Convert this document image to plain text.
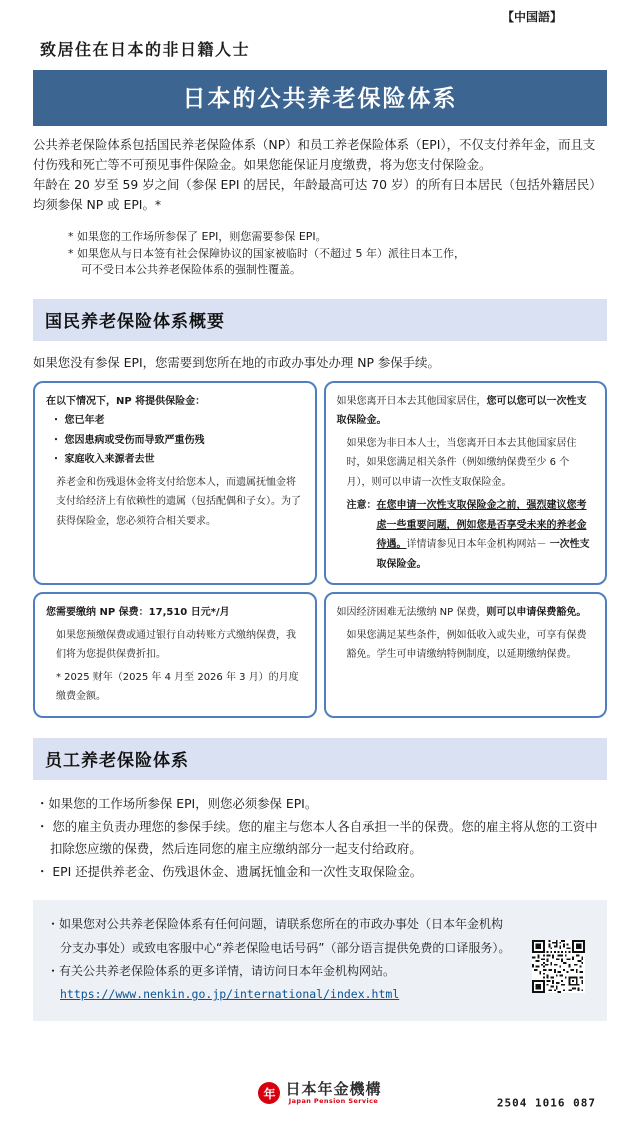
【中国語】
致居住在日本的非日籍人士
日本的公共养老保险体系
公共养老保险体系包括国民养老保险体系（NP）和员工养老保险体系（EPI），不仅支付养年金，而且支付伤残和死亡等不可预见事件保险金。如果您能保证月度缴费，将为您支付保险金。
年龄在 20 岁至 59 岁之间（参保 EPI 的居民，年龄最高可达 70 岁）的所有日本居民（包括外籍居民）均须参保 NP 或 EPI。*
* 如果您的工作场所参保了 EPI，则您需要参保 EPI。
* 如果您从与日本签有社会保障协议的国家被临时（不超过 5 年）派往日本工作，
可不受日本公共养老保险体系的强制性覆盖。
国民养老保险体系概要
如果您没有参保 EPI，您需要到您所在地的市政办事处办理 NP 参保手续。
在以下情况下，NP 将提供保险金：
・ 您已年老
・ 您因患病或受伤而导致严重伤残
・ 家庭收入来源者去世
养老金和伤残退休金将支付给您本人，而遗属抚恤金将支付给经济上有依赖性的遗属（包括配偶和子女）。为了获得保险金，您必须符合相关要求。
如果您离开日本去其他国家居住，您可以您可以一次性支取保险金。
如果您为非日本人士，当您离开日本去其他国家居住时，如果您满足相关条件（例如缴纳保费至少 6 个月），则可以申请一次性支取保险金。
注意： 在您申请一次性支取保险金之前，强烈建议您考虑一些重要问题，例如您是否享受未来的养老金待遇。详情请参见日本年金机构网站－ 一次性支取保险金。
您需要缴纳 NP 保费：17,510 日元*/月
如果您预缴保费或通过银行自动转账方式缴纳保费，我们将为您提供保费折扣。
* 2025 财年（2025 年 4 月至 2026 年 3 月）的月度缴费金额。
如因经济困难无法缴纳 NP 保费，则可以申请保费豁免。
如果您满足某些条件，例如低收入或失业，可享有保费豁免。学生可申请缴纳特例制度，以延期缴纳保费。
员工养老保险体系
・如果您的工作场所参保 EPI，则您必须参保 EPI。
・ 您的雇主负责办理您的参保手续。您的雇主与您本人各自承担一半的保费。您的雇主将从您的工资中扣除您应缴的保费，然后连同您的雇主应缴纳部分一起支付给政府。
・ EPI 还提供养老金、伤残退休金、遗属抚恤金和一次性支取保险金。
・如果您对公共养老保险体系有任何问题，请联系您所在的市政办事处（日本年金机构分支办事处）或致电客服中心“养老保险电话号码”（部分语言提供免费的口译服务）。
・有关公共养老保险体系的更多详情，请访问日本年金机构网站。
https://www.nenkin.go.jp/international/index.html
年 日本年金機構
Japan Pension Service	2504 1016 087
